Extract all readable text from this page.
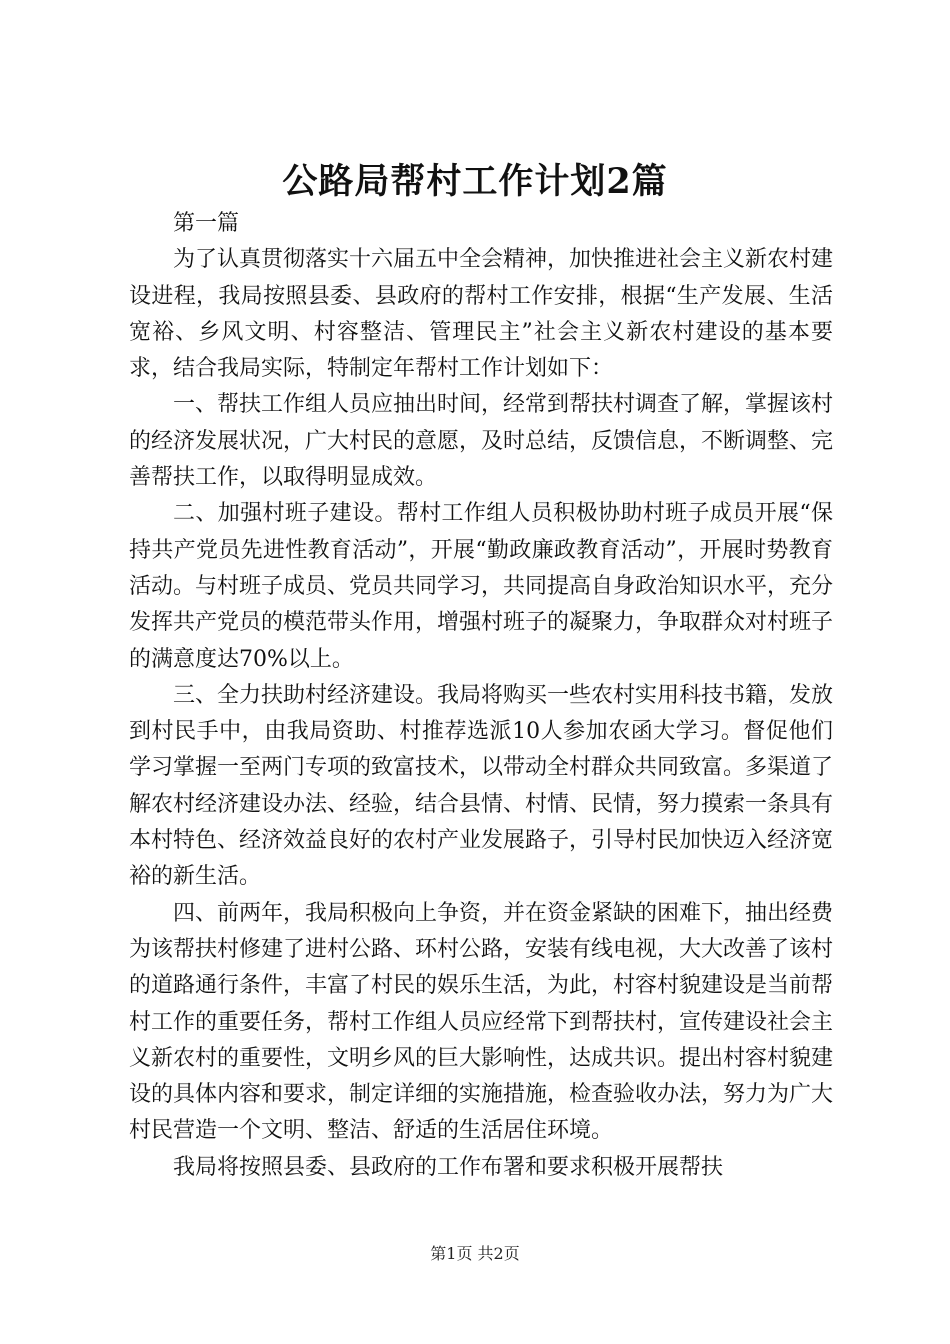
公路局帮村工作计划2篇

第一篇

为了认真贯彻落实十六届五中全会精神，加快推进社会主义新农村建设进程，我局按照县委、县政府的帮村工作安排，根据“生产发展、生活宽裕、乡风文明、村容整洁、管理民主”社会主义新农村建设的基本要求，结合我局实际，特制定年帮村工作计划如下：

一、帮扶工作组人员应抽出时间，经常到帮扶村调查了解，掌握该村的经济发展状况，广大村民的意愿，及时总结，反馈信息，不断调整、完善帮扶工作，以取得明显成效。

二、加强村班子建设。帮村工作组人员积极协助村班子成员开展“保持共产党员先进性教育活动”，开展“勤政廉政教育活动”，开展时势教育活动。与村班子成员、党员共同学习，共同提高自身政治知识水平，充分发挥共产党员的模范带头作用，增强村班子的凝聚力，争取群众对村班子的满意度达70%以上。

三、全力扶助村经济建设。我局将购买一些农村实用科技书籍，发放到村民手中，由我局资助、村推荐选派10人参加农函大学习。督促他们学习掌握一至两门专项的致富技术，以带动全村群众共同致富。多渠道了解农村经济建设办法、经验，结合县情、村情、民情，努力摸索一条具有本村特色、经济效益良好的农村产业发展路子，引导村民加快迈入经济宽裕的新生活。

四、前两年，我局积极向上争资，并在资金紧缺的困难下，抽出经费为该帮扶村修建了进村公路、环村公路，安装有线电视，大大改善了该村的道路通行条件，丰富了村民的娱乐生活，为此，村容村貌建设是当前帮村工作的重要任务，帮村工作组人员应经常下到帮扶村，宣传建设社会主义新农村的重要性，文明乡风的巨大影响性，达成共识。提出村容村貌建设的具体内容和要求，制定详细的实施措施，检查验收办法，努力为广大村民营造一个文明、整洁、舒适的生活居住环境。

我局将按照县委、县政府的工作布署和要求积极开展帮扶

第1页 共2页
